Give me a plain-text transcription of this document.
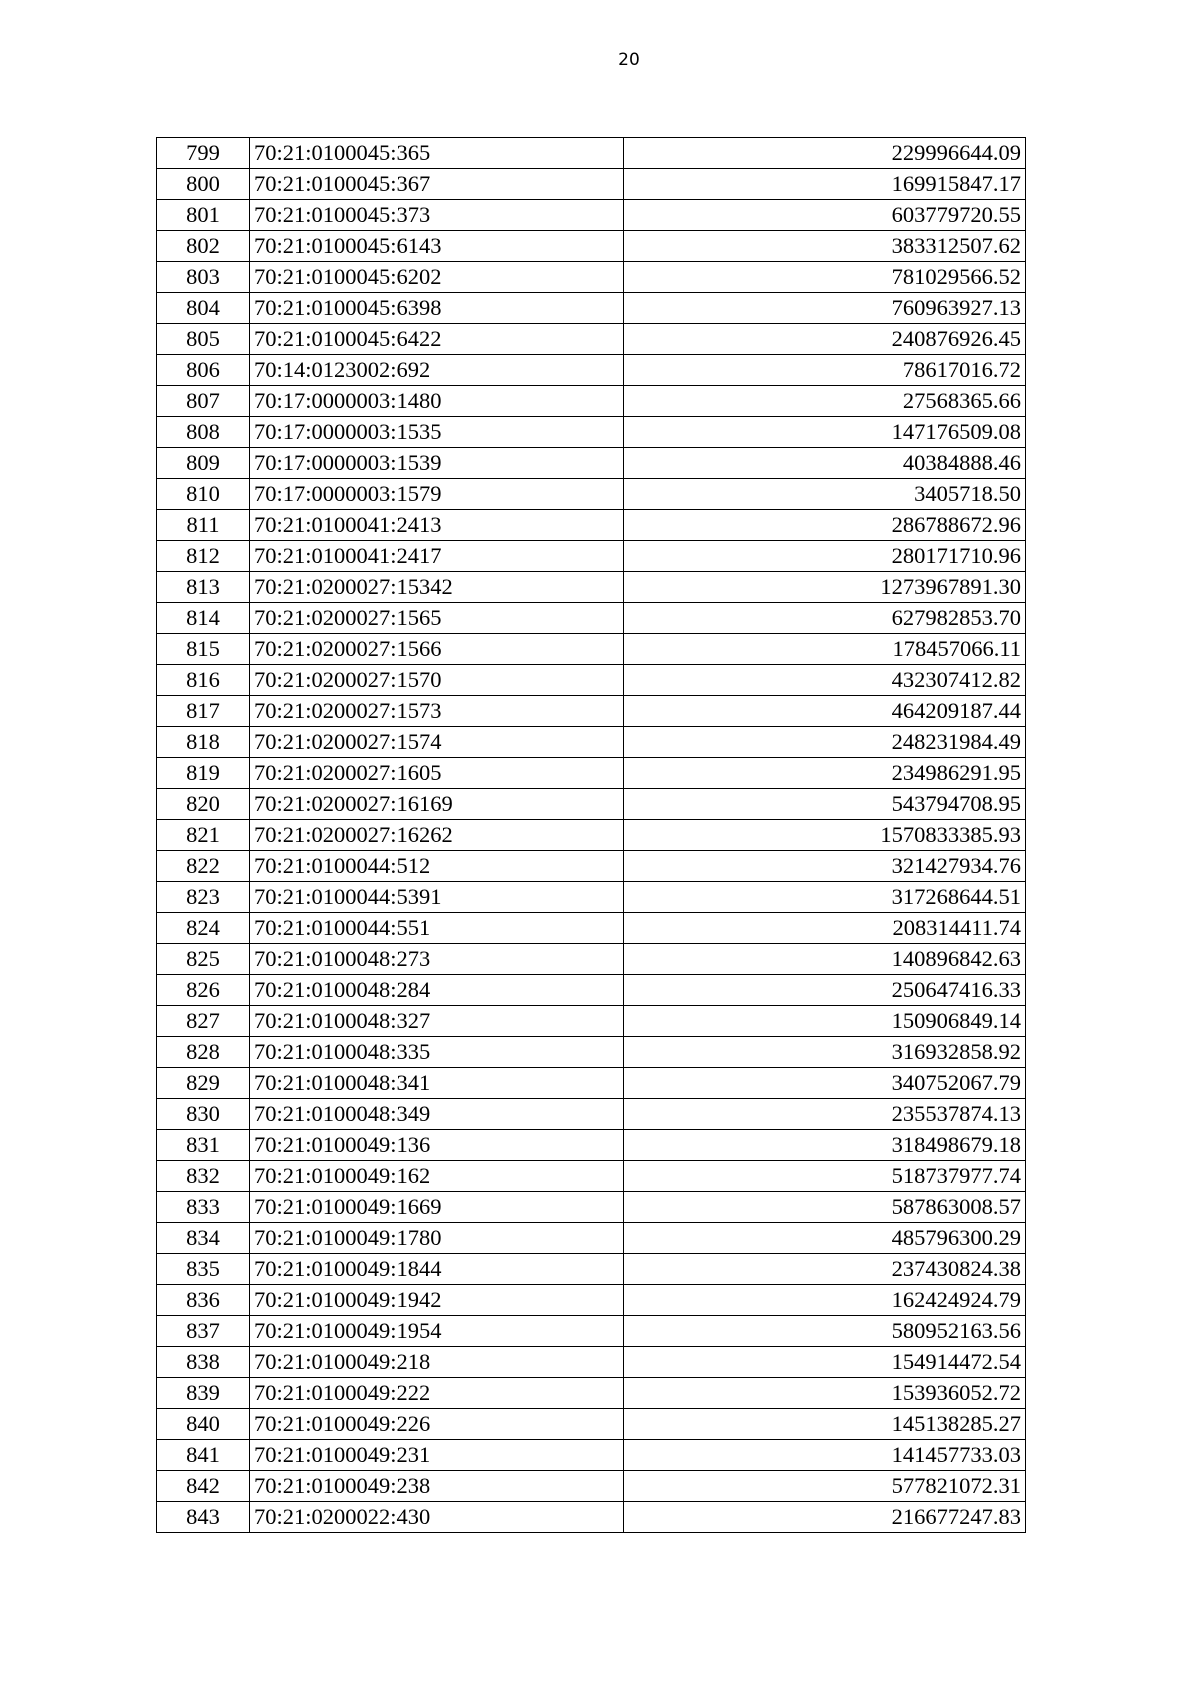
20
799	70:21:0100045:365	229996644.09
800	70:21:0100045:367	169915847.17
801	70:21:0100045:373	603779720.55
802	70:21:0100045:6143	383312507.62
803	70:21:0100045:6202	781029566.52
804	70:21:0100045:6398	760963927.13
805	70:21:0100045:6422	240876926.45
806	70:14:0123002:692	78617016.72
807	70:17:0000003:1480	27568365.66
808	70:17:0000003:1535	147176509.08
809	70:17:0000003:1539	40384888.46
810	70:17:0000003:1579	3405718.50
811	70:21:0100041:2413	286788672.96
812	70:21:0100041:2417	280171710.96
813	70:21:0200027:15342	1273967891.30
814	70:21:0200027:1565	627982853.70
815	70:21:0200027:1566	178457066.11
816	70:21:0200027:1570	432307412.82
817	70:21:0200027:1573	464209187.44
818	70:21:0200027:1574	248231984.49
819	70:21:0200027:1605	234986291.95
820	70:21:0200027:16169	543794708.95
821	70:21:0200027:16262	1570833385.93
822	70:21:0100044:512	321427934.76
823	70:21:0100044:5391	317268644.51
824	70:21:0100044:551	208314411.74
825	70:21:0100048:273	140896842.63
826	70:21:0100048:284	250647416.33
827	70:21:0100048:327	150906849.14
828	70:21:0100048:335	316932858.92
829	70:21:0100048:341	340752067.79
830	70:21:0100048:349	235537874.13
831	70:21:0100049:136	318498679.18
832	70:21:0100049:162	518737977.74
833	70:21:0100049:1669	587863008.57
834	70:21:0100049:1780	485796300.29
835	70:21:0100049:1844	237430824.38
836	70:21:0100049:1942	162424924.79
837	70:21:0100049:1954	580952163.56
838	70:21:0100049:218	154914472.54
839	70:21:0100049:222	153936052.72
840	70:21:0100049:226	145138285.27
841	70:21:0100049:231	141457733.03
842	70:21:0100049:238	577821072.31
843	70:21:0200022:430	216677247.83
